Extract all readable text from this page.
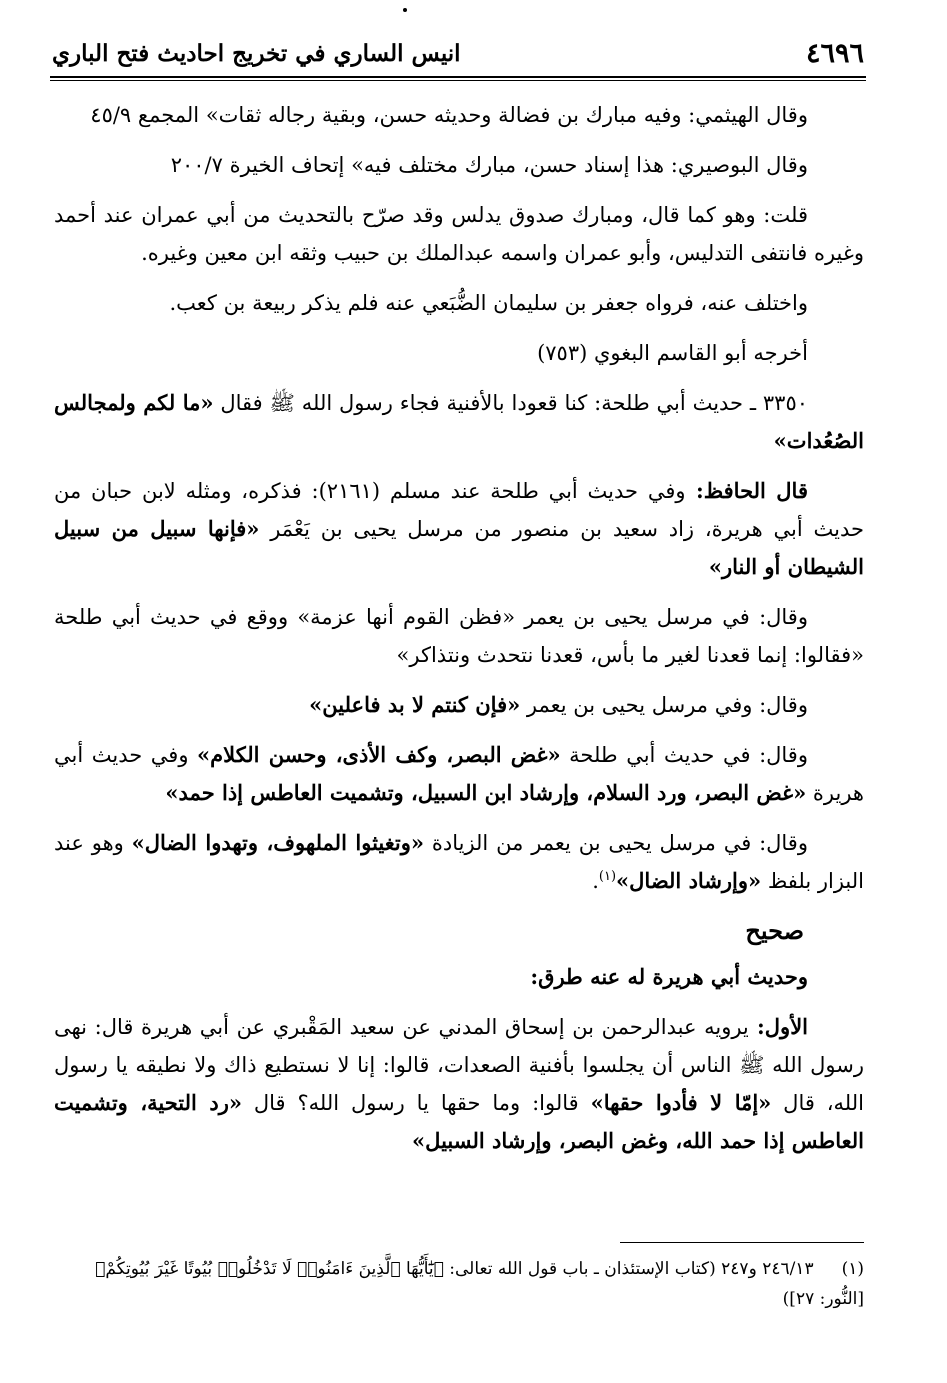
٤٦٩٦
انيس الساري في تخريج احاديث فتح الباري

وقال الهيثمي: وفيه مبارك بن فضالة وحديثه حسن، وبقية رجاله ثقات» المجمع ٤٥/٩

وقال البوصيري: هذا إسناد حسن، مبارك مختلف فيه» إتحاف الخيرة ٢٠٠/٧

قلت: وهو كما قال، ومبارك صدوق يدلس وقد صرّح بالتحديث من أبي عمران عند أحمد وغيره فانتفى التدليس، وأبو عمران واسمه عبدالملك بن حبيب وثقه ابن معين وغيره.

واختلف عنه، فرواه جعفر بن سليمان الضُّبَعي عنه فلم يذكر ربيعة بن كعب.

أخرجه أبو القاسم البغوي (٧٥٣)

٣٣٥٠ ـ حديث أبي طلحة: كنا قعودا بالأفنية فجاء رسول الله ﷺ فقال «ما لكم ولمجالس الصُعُدات»

قال الحافظ: وفي حديث أبي طلحة عند مسلم (٢١٦١): فذكره، ومثله لابن حبان من حديث أبي هريرة، زاد سعيد بن منصور من مرسل يحيى بن يَعْمَر «فإنها سبيل من سبيل الشيطان أو النار»

وقال: في مرسل يحيى بن يعمر «فظن القوم أنها عزمة» ووقع في حديث أبي طلحة «فقالوا: إنما قعدنا لغير ما بأس، قعدنا نتحدث ونتذاكر»

وقال: وفي مرسل يحيى بن يعمر «فإن كنتم لا بد فاعلين»

وقال: في حديث أبي طلحة «غض البصر، وكف الأذى، وحسن الكلام» وفي حديث أبي هريرة «غض البصر، ورد السلام، وإرشاد ابن السبيل، وتشميت العاطس إذا حمد»

وقال: في مرسل يحيى بن يعمر من الزيادة «وتغيثوا الملهوف، وتهدوا الضال» وهو عند البزار بلفظ «وإرشاد الضال»$^{(١)}$.

صحيح

وحديث أبي هريرة له عنه طرق:

الأول: يرويه عبدالرحمن بن إسحاق المدني عن سعيد المَقْبري عن أبي هريرة قال: نهى رسول الله ﷺ الناس أن يجلسوا بأفنية الصعدات، قالوا: إنا لا نستطيع ذاك ولا نطيقه يا رسول الله، قال «إمّا لا فأدوا حقها» قالوا: وما حقها يا رسول الله؟ قال «رد التحية، وتشميت العاطس إذا حمد الله، وغض البصر، وإرشاد السبيل»

(١)٢٤٦/١٣ و٢٤٧ (كتاب الإستئذان ـ باب قول الله تعالى: ﴿يَٰٓأَيُّهَا ٱلَّذِينَ ءَامَنُوا۟ لَا تَدْخُلُوا۟ بُيُوتًا غَيْرَ بُيُوتِكُمْ﴾
[النُّور: ٢٧])
